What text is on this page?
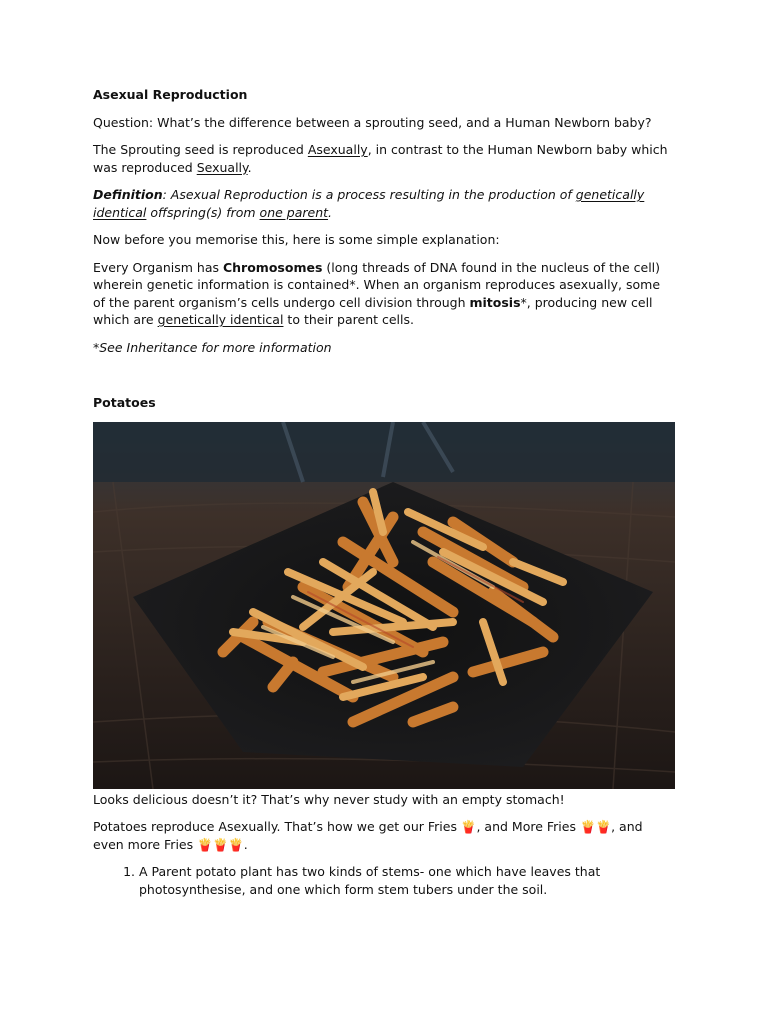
Asexual Reproduction

Question: What’s the difference between a sprouting seed, and a Human Newborn baby?

The Sprouting seed is reproduced Asexually, in contrast to the Human Newborn baby which was reproduced Sexually.

Definition: Asexual Reproduction is a process resulting in the production of genetically identical offspring(s) from one parent.

Now before you memorise this, here is some simple explanation:

Every Organism has Chromosomes (long threads of DNA found in the nucleus of the cell) wherein genetic information is contained*. When an organism reproduces asexually, some of the parent organism’s cells undergo cell division through mitosis*, producing new cell which are genetically identical to their parent cells.

*See Inheritance for more information

Potatoes

Looks delicious doesn’t it? That’s why never study with an empty stomach!

Potatoes reproduce Asexually. That’s how we get our Fries 🍟, and More Fries 🍟🍟, and even more Fries 🍟🍟🍟.

1. A Parent potato plant has two kinds of stems- one which have leaves that photosynthesise, and one which form stem tubers under the soil.
